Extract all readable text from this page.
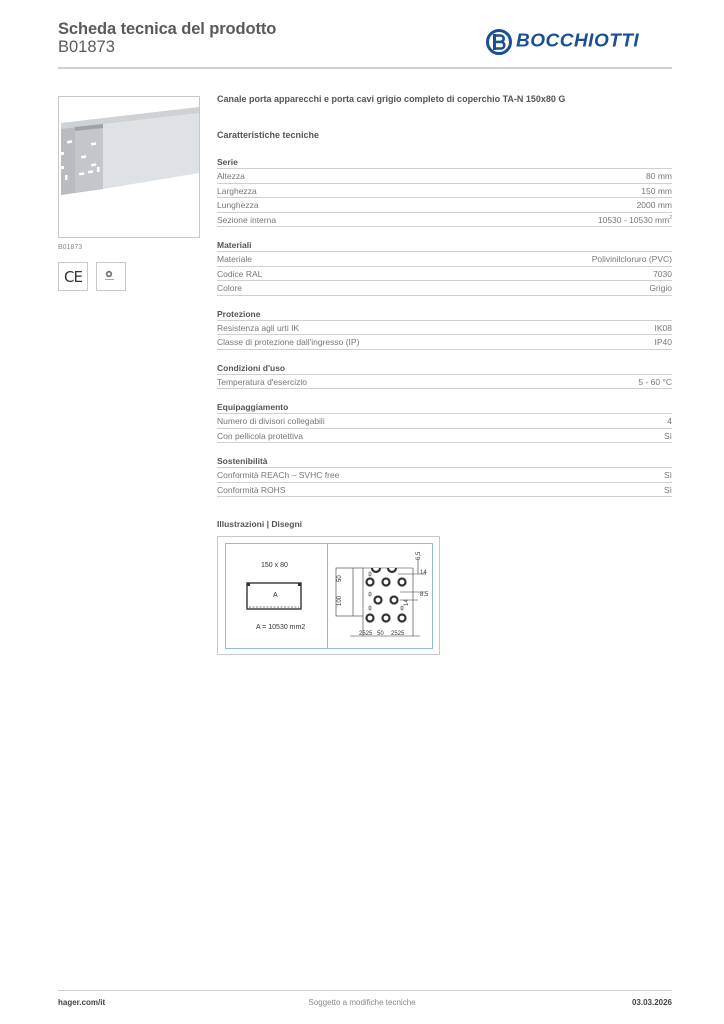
Scheda tecnica del prodotto
B01873	BOCCHIOTTI
B01873
CE
Canale porta apparecchi e porta cavi grigio completo di coperchio TA-N 150x80 G
Caratteristiche tecniche
Serie
Altezza	80 mm
Larghezza	150 mm
Lunghezza	2000 mm
Sezione interna	10530 - 10530 $mm^2$
Materiali
Materiale	Polivinilcloruro (PVC)
Codice RAL	7030
Colore	Grigio
Protezione
Resistenza agli urti IK	IK08
Classe di protezione dall'ingresso (IP)	IP40
Condizioni d'uso
Temperatura d'esercizio	5 - 60 °C
Equipaggiamento
Numero di divisori collegabili	4
Con pellicola protettiva	Sì
Sostenibilità
Conformità REACh – SVHC free	Sì
Conformità ROHS	Sì
Illustrazioni | Disegni
150 x 80
A
A = 10530 mm2
50
100
6,5
14
8,5
14
2525 50 2525
hager.com/it	Soggetto a modifiche tecniche	03.03.2026
